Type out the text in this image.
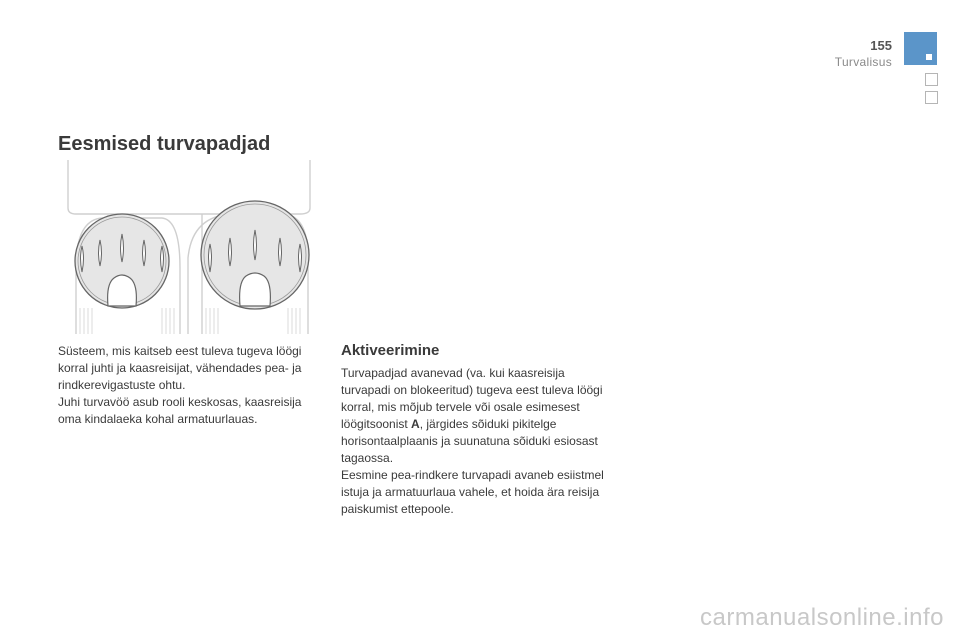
155
Turvalisus
Eesmised turvapadjad

Süsteem, mis kaitseb eest tuleva tugeva löögi korral juhti ja kaasreisijat, vähendades pea- ja rindkerevigastuste ohtu.

Juhi turvavöö asub rooli keskosas, kaasreisija oma kindalaeka kohal armatuurlauas.

Aktiveerimine

Turvapadjad avanevad (va. kui kaasreisija turvapadi on blokeeritud) tugeva eest tuleva löögi korral, mis mõjub tervele või osale esimesest löögitsoonist A, järgides sõiduki pikitelge horisontaalplaanis ja suunatuna sõiduki esiosast tagaossa.

Eesmine pea-rindkere turvapadi avaneb esiistmel istuja ja armatuurlaua vahele, et hoida ära reisija paiskumist ettepoole.

carmanualsonline.info
